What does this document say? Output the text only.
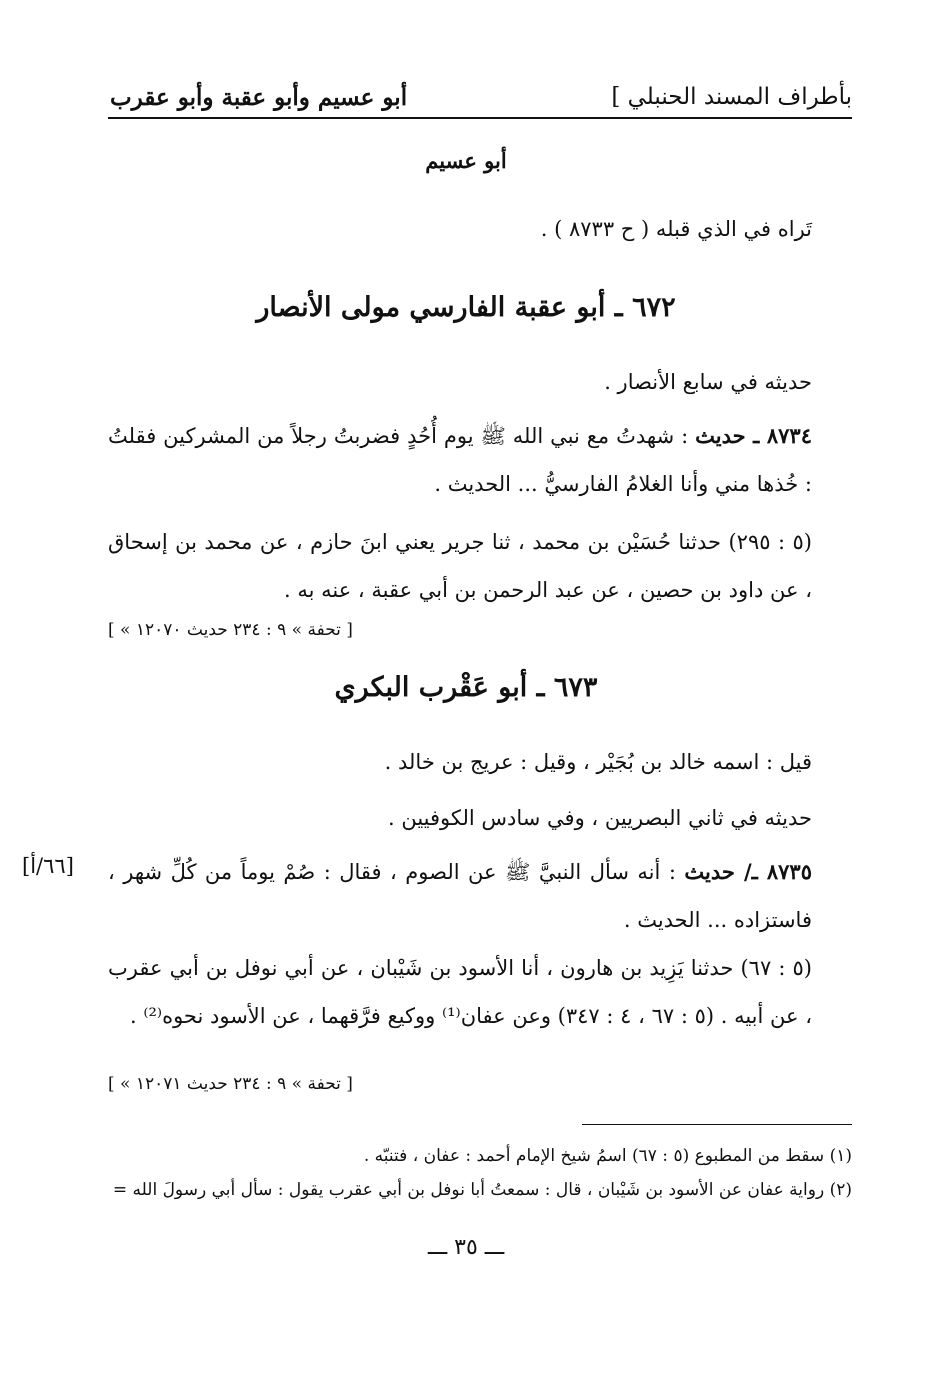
بأطراف المسند الحنبلي ]
أبو عسيم وأبو عقبة وأبو عقرب
أبو عسيم
تَراه في الذي قبله ( ح ٨٧٣٣ ) .
٦٧٢ ـ أبو عقبة الفارسي مولى الأنصار
حديثه في سابع الأنصار .
٨٧٣٤ ـ حديث : شهدتُ مع نبي الله ﷺ يوم أُحُدٍ فضربتُ رجلاً من المشركين فقلتُ : خُذها مني وأنا الغلامُ الفارسيُّ ... الحديث .
(٥ : ٢٩٥) حدثنا حُسَيْن بن محمد ، ثنا جرير يعني ابنَ حازم ، عن محمد بن إسحاق ، عن داود بن حصين ، عن عبد الرحمن بن أبي عقبة ، عنه به .
[ « تحفة » ٩ : ٢٣٤ حديث ١٢٠٧٠ ]
٦٧٣ ـ أبو عَقْرب البكري
قيل : اسمه خالد بن بُجَيْر ، وقيل : عريج بن خالد .
حديثه في ثاني البصريين ، وفي سادس الكوفيين .
[٦٦/أ]	٨٧٣٥ ـ/ حديث : أنه سأل النبيَّ ﷺ عن الصوم ، فقال : صُمْ يوماً من كُلِّ شهر ، فاستزاده ... الحديث .
(٥ : ٦٧) حدثنا يَزِيد بن هارون ، أنا الأسود بن شَيْبان ، عن أبي نوفل بن أبي عقرب ، عن أبيه . (٥ : ٦٧ ، ٤ : ٣٤٧) وعن عفان⁽¹⁾ ووكيع فرَّقهما ، عن الأسود نحوه⁽²⁾ .
[ « تحفة » ٩ : ٢٣٤ حديث ١٢٠٧١ ]
(١) سقط من المطبوع (٥ : ٦٧) اسمُ شيخ الإمام أحمد : عفان ، فتنبّه .
(٢) رواية عفان عن الأسود بن شَيْبان ، قال : سمعتُ أبا نوفل بن أبي عقرب يقول : سأل أبي رسولَ الله =
ـــ ٣٥ ـــ
